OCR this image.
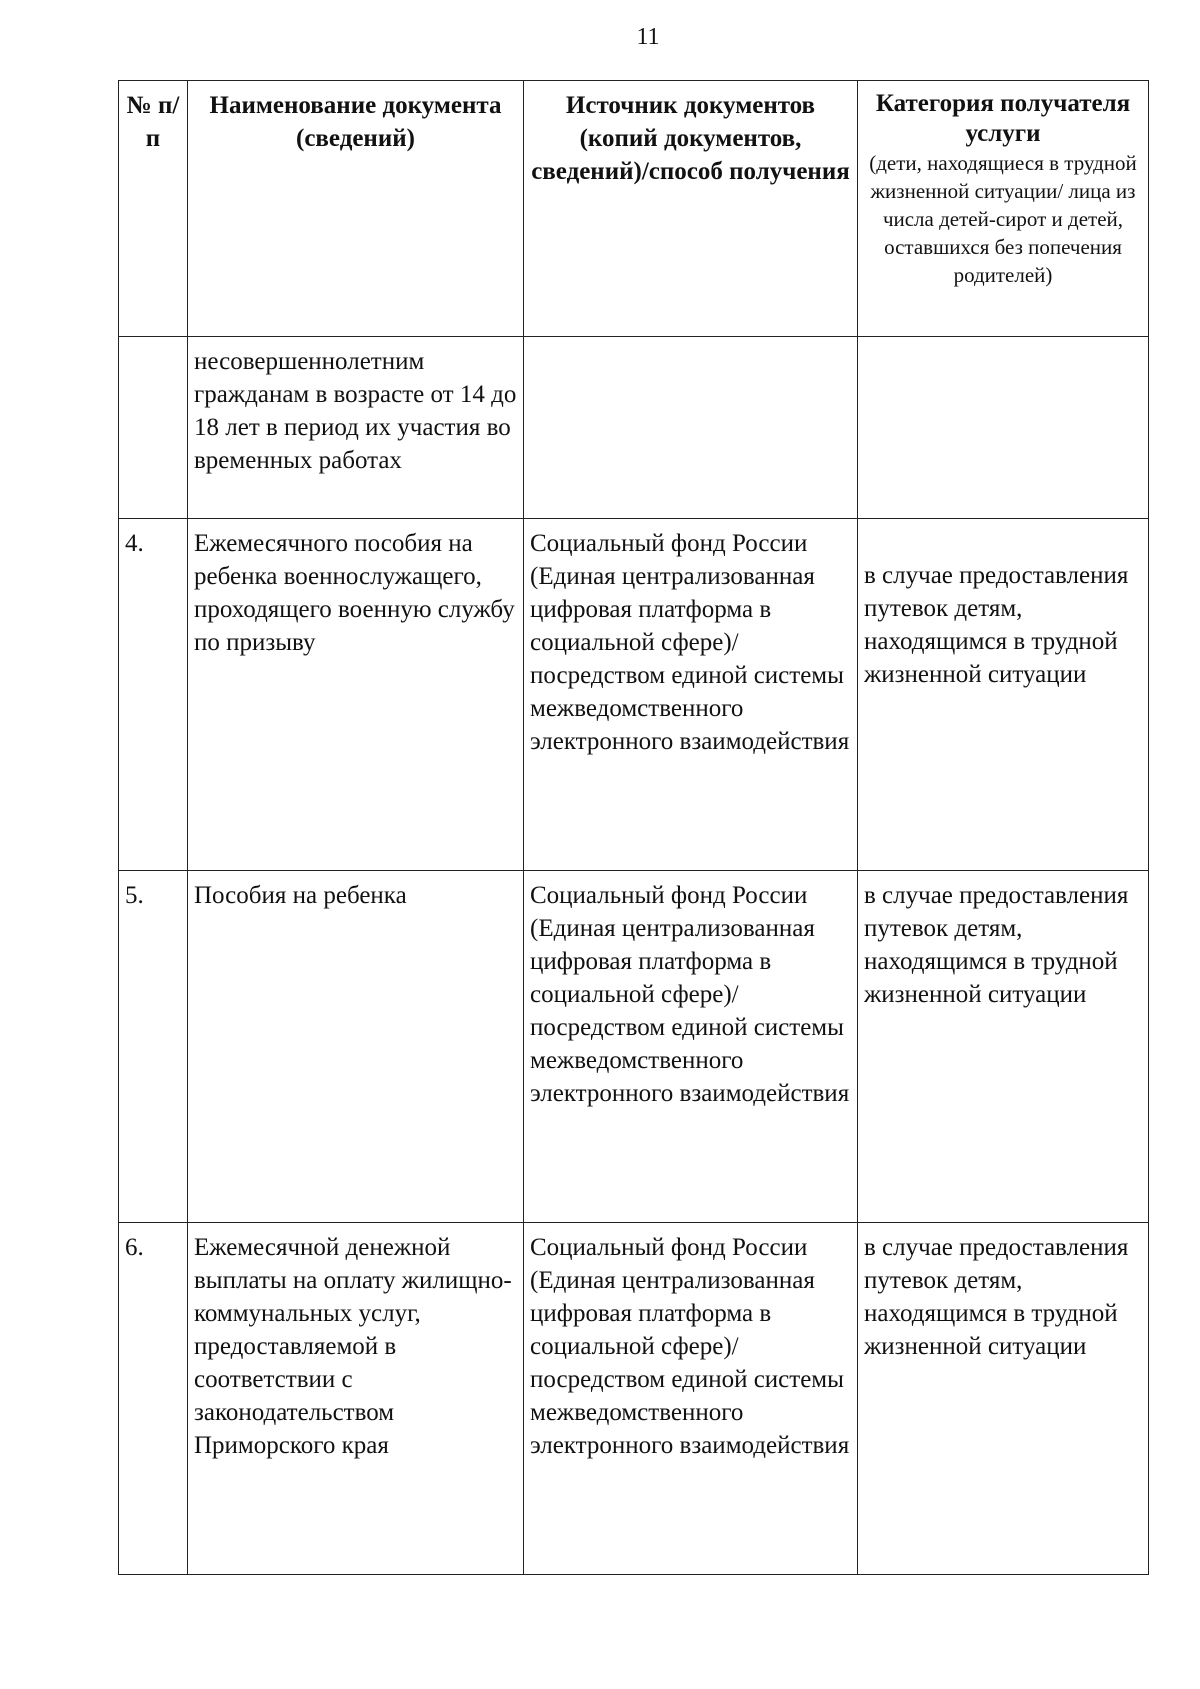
11
№ п/п	Наименование документа (сведений)	Источник документов (копий документов, сведений)/способ получения	Категория получателя услуги
(дети, находящиеся в трудной жизненной ситуации/ лица из числа детей-сирот и детей, оставшихся без попечения родителей)

	несовершеннолетним гражданам в возрасте от 14 до 18 лет в период их участия во временных работах		
4.	Ежемесячного пособия на ребенка военнослужащего, проходящего военную службу по призыву	Социальный фонд России (Единая централизованная цифровая платформа в социальной сфере)/посредством единой системы межведомственного электронного взаимодействия	в случае предоставления путевок детям, находящимся в трудной жизненной ситуации
5.	Пособия на ребенка	Социальный фонд России (Единая централизованная цифровая платформа в социальной сфере)/посредством единой системы межведомственного электронного взаимодействия	в случае предоставления путевок детям, находящимся в трудной жизненной ситуации
6.	Ежемесячной денежной выплаты на оплату жилищно-коммунальных услуг, предоставляемой в соответствии с законодательством Приморского края	Социальный фонд России (Единая централизованная цифровая платформа в социальной сфере)/посредством единой системы межведомственного электронного взаимодействия	в случае предоставления путевок детям, находящимся в трудной жизненной ситуации
